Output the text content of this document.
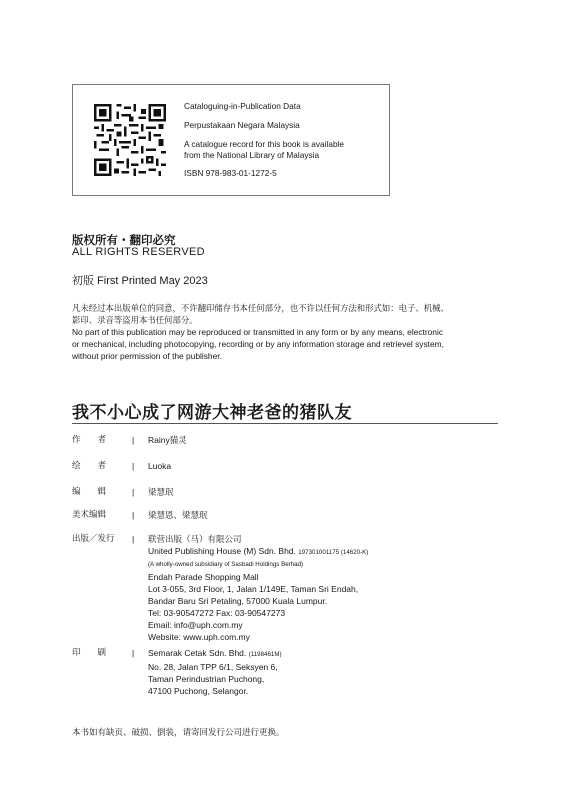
Cataloguing-in-Publication Data

Perpustakaan Negara Malaysia

A catalogue record for this book is available
from the National Library of Malaysia

ISBN 978-983-01-1272-5

版权所有・翻印必究
ALL RIGHTS RESERVED
初版 First Printed May 2023
凡未经过本出版单位的同意，不许翻印储存书本任何部分，也不许以任何方法和形式如：电子、机械、
影印、录音等盗用本书任何部分。
No part of this publication may be reproduced or transmitted in any form or by any means, electronic
or mechanical, including photocopying, recording or by any information storage and retrievel system,
without prior permission of the publisher.
我不小心成了网游大神老爸的猪队友
作　　者	| Rainy猫灵
绘　　者	| Luoka
编　　辑	| 梁慧珉
美术编辑	| 梁慧恩、梁慧珉
出版／发行	| 联营出版（马）有限公司
United Publishing House (M) Sdn. Bhd. 197301001175 (14620-K)
(A wholly-owned subsidiary of Sasbadi Holdings Berhad)
Endah Parade Shopping Mall
Lot 3-055, 3rd Floor, 1, Jalan 1/149E, Taman Sri Endah,
Bandar Baru Sri Petaling, 57000 Kuala Lumpur.
Tel: 03-90547272 Fax: 03-90547273
Email: info@uph.com.my
Website: www.uph.com.my
印　　刷	| Semarak Cetak Sdn. Bhd. (1198461M)
No. 28, Jalan TPP 6/1, Seksyen 6,
Taman Perindustrian Puchong,
47100 Puchong, Selangor.
本书如有缺页、破损、倒装，请寄回发行公司进行更换。
